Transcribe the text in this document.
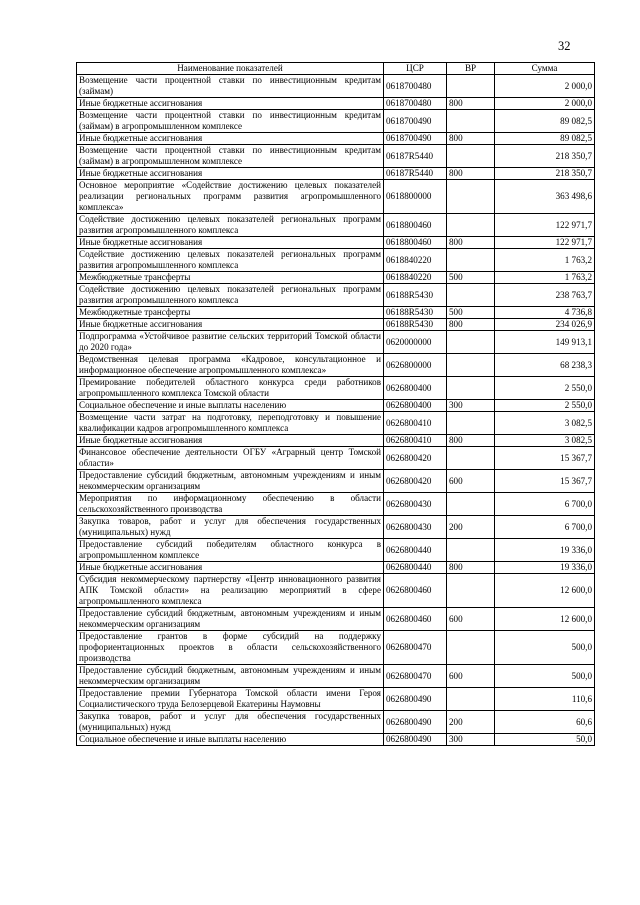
32
Наименование показателей	ЦСР	ВР	Сумма
Возмещение части процентной ставки по инвестиционным кредитам (займам)	0618700480		2 000,0
Иные бюджетные ассигнования	0618700480	800	2 000,0
Возмещение части процентной ставки по инвестиционным кредитам (займам) в агропромышленном комплексе	0618700490		89 082,5
Иные бюджетные ассигнования	0618700490	800	89 082,5
Возмещение части процентной ставки по инвестиционным кредитам (займам) в агропромышленном комплексе	06187R5440		218 350,7
Иные бюджетные ассигнования	06187R5440	800	218 350,7
Основное мероприятие «Содействие достижению целевых показателей реализации региональных программ развития агропромышленного комплекса»	0618800000		363 498,6
Содействие достижению целевых показателей региональных программ развития агропромышленного комплекса	0618800460		122 971,7
Иные бюджетные ассигнования	0618800460	800	122 971,7
Содействие достижению целевых показателей региональных программ развития агропромышленного комплекса	0618840220		1 763,2
Межбюджетные трансферты	0618840220	500	1 763,2
Содействие достижению целевых показателей региональных программ развития агропромышленного комплекса	06188R5430		238 763,7
Межбюджетные трансферты	06188R5430	500	4 736,8
Иные бюджетные ассигнования	06188R5430	800	234 026,9
Подпрограмма «Устойчивое развитие сельских территорий Томской области до 2020 года»	0620000000		149 913,1
Ведомственная целевая программа «Кадровое, консультационное и информационное обеспечение агропромышленного комплекса»	0626800000		68 238,3
Премирование победителей областного конкурса среди работников агропромышленного комплекса Томской области	0626800400		2 550,0
Социальное обеспечение и иные выплаты населению	0626800400	300	2 550,0
Возмещение части затрат на подготовку, переподготовку и повышение квалификации кадров агропромышленного комплекса	0626800410		3 082,5
Иные бюджетные ассигнования	0626800410	800	3 082,5
Финансовое обеспечение деятельности ОГБУ «Аграрный центр Томской области»	0626800420		15 367,7
Предоставление субсидий бюджетным, автономным учреждениям и иным некоммерческим организациям	0626800420	600	15 367,7
Мероприятия по информационному обеспечению в области сельскохозяйственного производства	0626800430		6 700,0
Закупка товаров, работ и услуг для обеспечения государственных (муниципальных) нужд	0626800430	200	6 700,0
Предоставление субсидий победителям областного конкурса в агропромышленном комплексе	0626800440		19 336,0
Иные бюджетные ассигнования	0626800440	800	19 336,0
Субсидия некоммерческому партнерству «Центр инновационного развития АПК Томской области» на реализацию мероприятий в сфере агропромышленного комплекса	0626800460		12 600,0
Предоставление субсидий бюджетным, автономным учреждениям и иным некоммерческим организациям	0626800460	600	12 600,0
Предоставление грантов в форме субсидий на поддержку профориентационных проектов в области сельскохозяйственного производства	0626800470		500,0
Предоставление субсидий бюджетным, автономным учреждениям и иным некоммерческим организациям	0626800470	600	500,0
Предоставление премии Губернатора Томской области имени Героя Социалистического труда Белозерцевой Екатерины Наумовны	0626800490		110,6
Закупка товаров, работ и услуг для обеспечения государственных (муниципальных) нужд	0626800490	200	60,6
Социальное обеспечение и иные выплаты населению	0626800490	300	50,0
